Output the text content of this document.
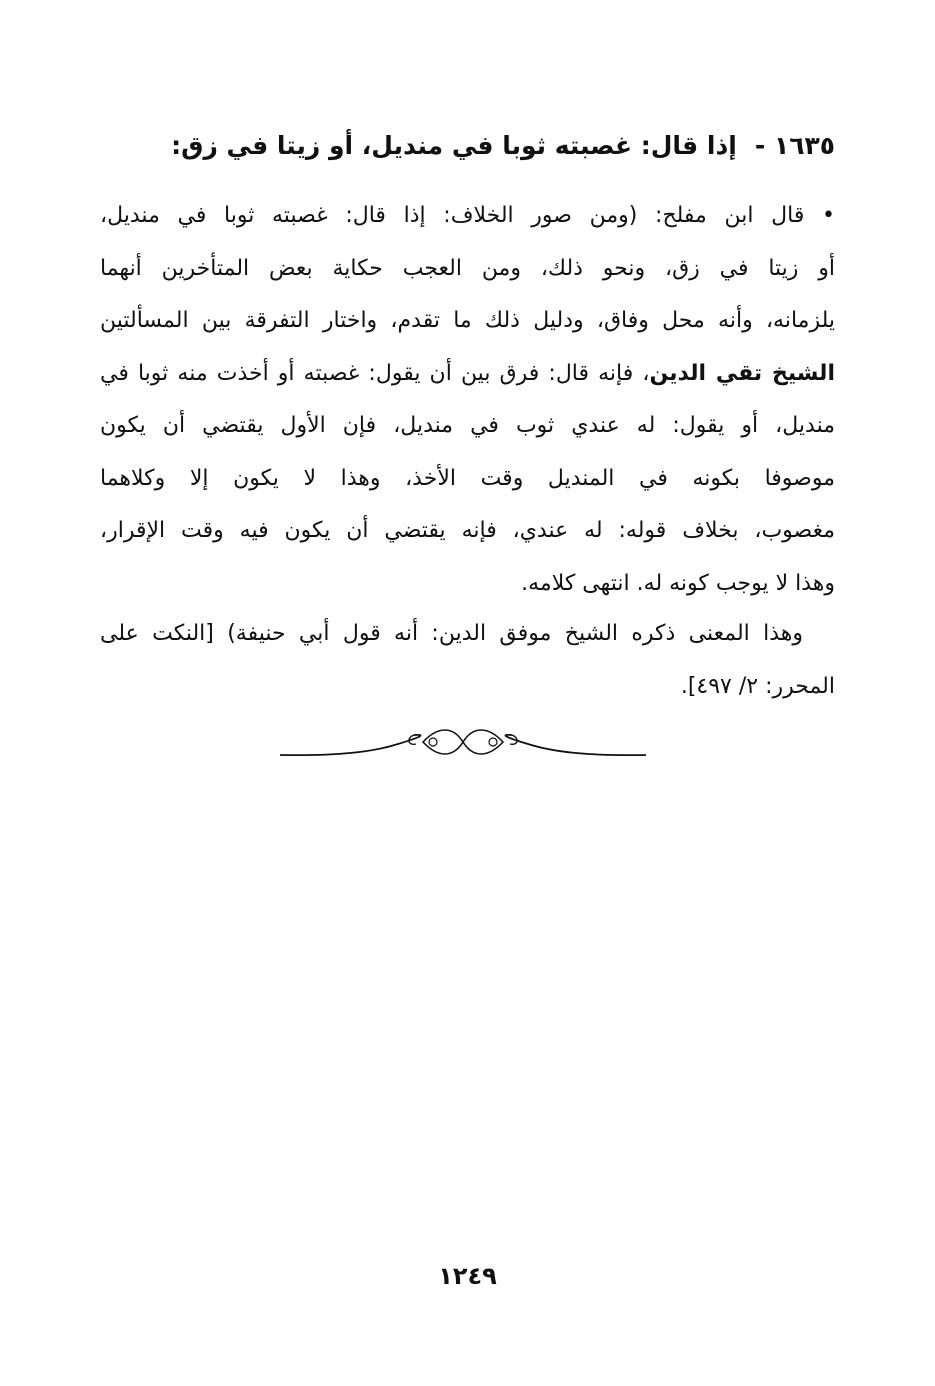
١٦٣٥ -إذا قال: غصبته ثوبا في منديل، أو زيتا في زق:
• قال ابن مفلح: (ومن صور الخلاف: إذا قال: غصبته ثوبا في منديل،
أو زيتا في زق، ونحو ذلك، ومن العجب حكاية بعض المتأخرين أنهما
يلزمانه، وأنه محل وفاق، ودليل ذلك ما تقدم، واختار التفرقة بين المسألتين
الشيخ تقي الدين، فإنه قال: فرق بين أن يقول: غصبته أو أخذت منه ثوبا في
منديل، أو يقول: له عندي ثوب في منديل، فإن الأول يقتضي أن يكون
موصوفا بكونه في المنديل وقت الأخذ، وهذا لا يكون إلا وكلاهما
مغصوب، بخلاف قوله: له عندي، فإنه يقتضي أن يكون فيه وقت الإقرار،
وهذا لا يوجب كونه له. انتهى كلامه.
وهذا المعنى ذكره الشيخ موفق الدين: أنه قول أبي حنيفة) [النكت على
المحرر: ٢/ ٤٩٧].
١٢٤٩
